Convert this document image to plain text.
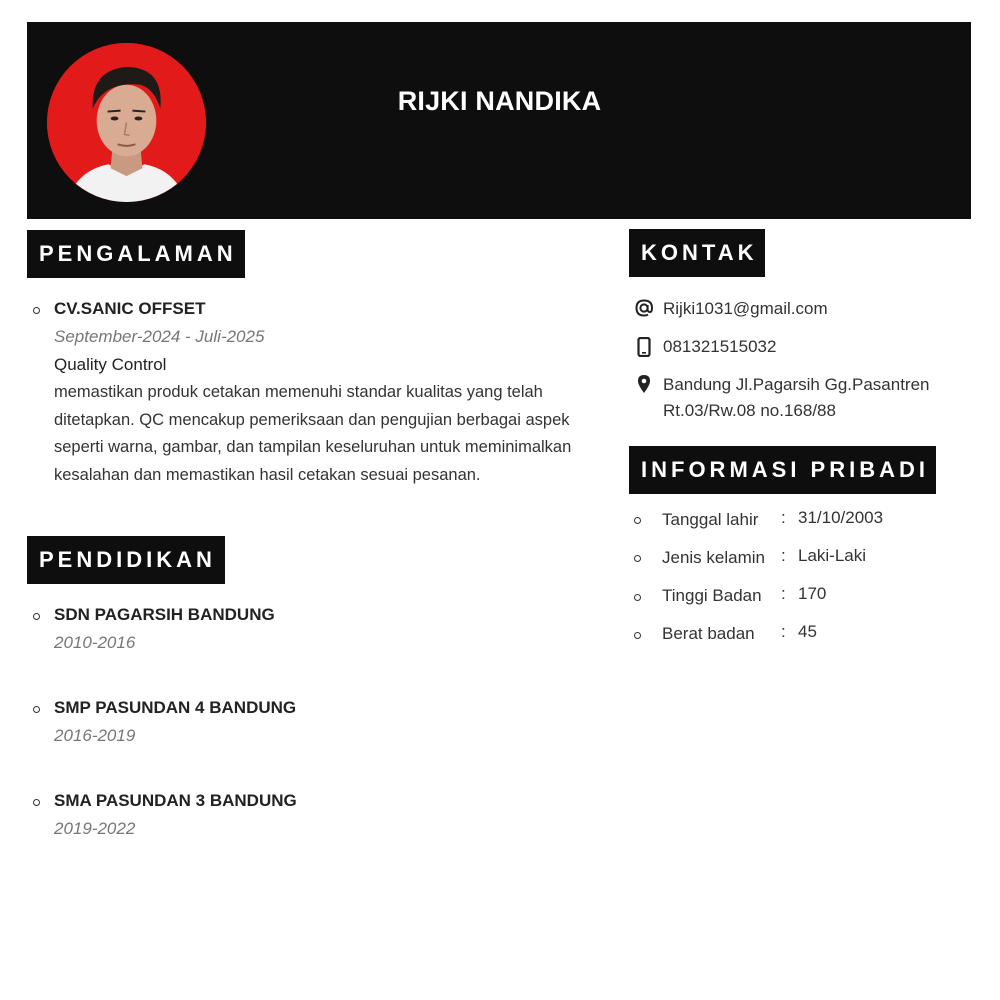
RIJKI NANDIKA
PENGALAMAN
CV.SANIC OFFSET
September-2024 - Juli-2025
Quality Control
memastikan produk cetakan memenuhi standar kualitas yang telah ditetapkan. QC mencakup pemeriksaan dan pengujian berbagai aspek seperti warna, gambar, dan tampilan keseluruhan untuk meminimalkan kesalahan dan memastikan hasil cetakan sesuai pesanan.
PENDIDIKAN
SDN PAGARSIH BANDUNG
2010-2016
SMP PASUNDAN 4 BANDUNG
2016-2019
SMA PASUNDAN 3 BANDUNG
2019-2022
KONTAK
Rijki1031@gmail.com
081321515032
Bandung Jl.Pagarsih Gg.Pasantren Rt.03/Rw.08 no.168/88
INFORMASI PRIBADI
Tanggal lahir : 31/10/2003
Jenis kelamin : Laki-Laki
Tinggi Badan : 170
Berat badan : 45
